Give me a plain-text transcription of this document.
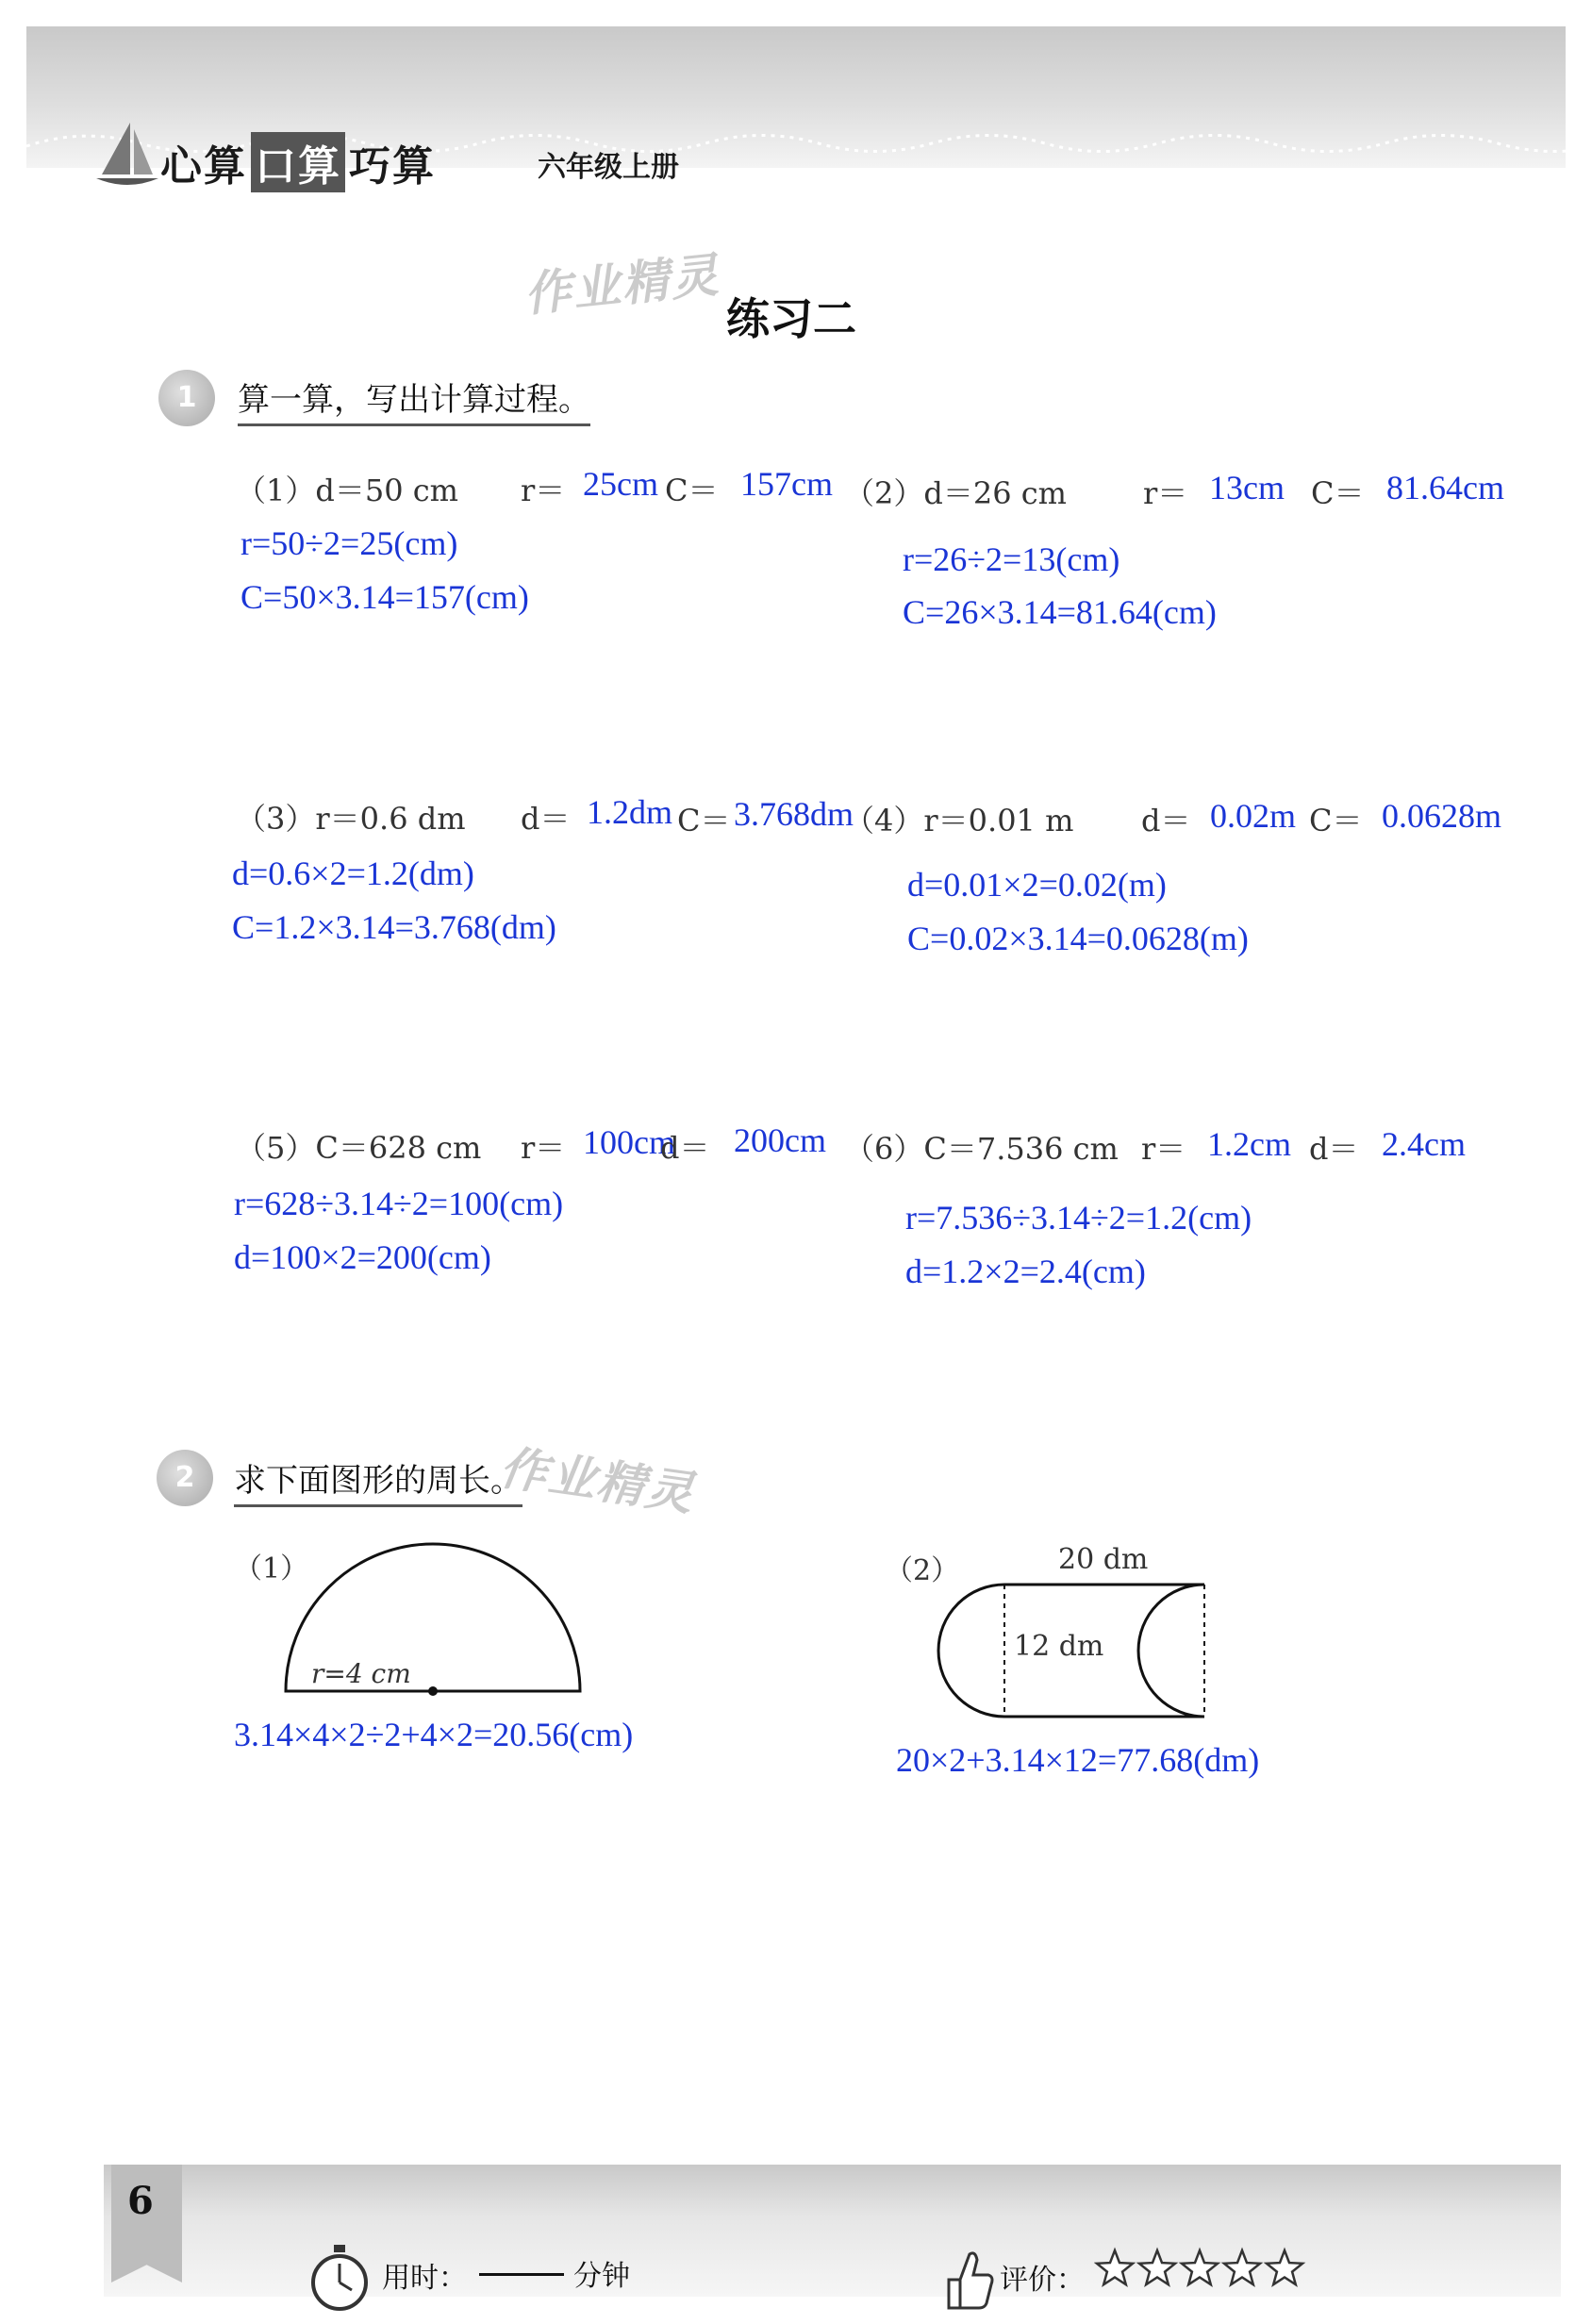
心算 口算 巧算	六年级上册
作业精灵
作业精灵
练习二
1	算一算，写出计算过程。
（1）d＝50 cm r＝ 25cm C＝ 157cm
r=50÷2=25(cm)
C=50×3.14=157(cm)
（2）d＝26 cm	r＝ 13cm C＝ 81.64cm
r=26÷2=13(cm)
C=26×3.14=81.64(cm)
（3）r＝0.6 dm d＝ 1.2dm C＝ 3.768dm
d=0.6×2=1.2(dm)
C=1.2×3.14=3.768(dm)
（4）r＝0.01 m d＝ 0.02m C＝ 0.0628m
d=0.01×2=0.02(m)
C=0.02×3.14=0.0628(m)
（5）C＝628 cm r＝ 100cm
d＝ 200cm
r=628÷3.14÷2=100(cm)
d=100×2=200(cm)
（6）C＝7.536 cm r＝ 1.2cm d＝ 2.4cm
r=7.536÷3.14÷2=1.2(cm)
d=1.2×2=2.4(cm)
2	求下面图形的周长。
（1）
r=4 cm
3.14×4×2÷2+4×2=20.56(cm)
（2）	20 dm
12 dm
20×2+3.14×12=77.68(dm)
6
用时：	分钟	评价：
